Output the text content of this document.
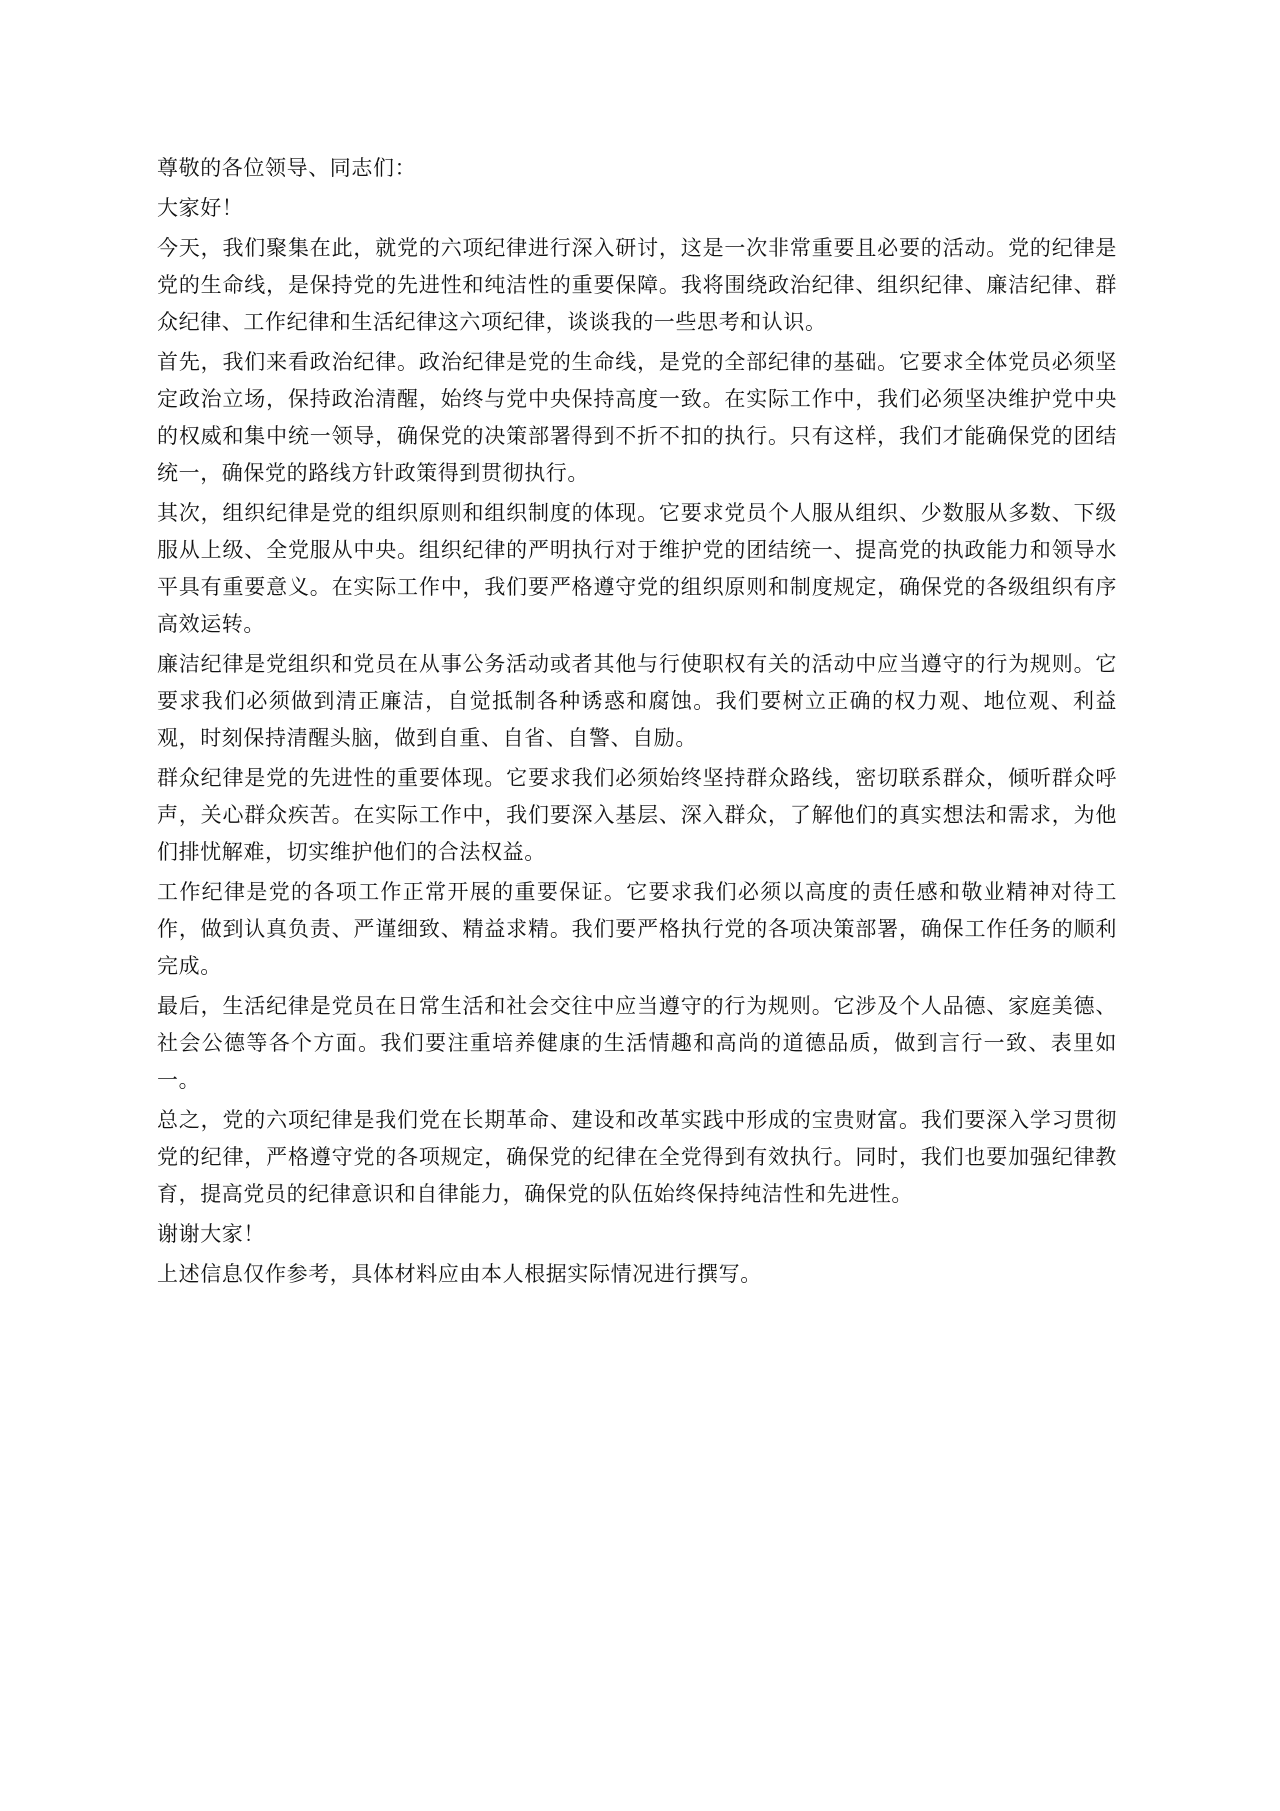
尊敬的各位领导、同志们：

大家好！

今天，我们聚集在此，就党的六项纪律进行深入研讨，这是一次非常重要且必要的活动。党的纪律是党的生命线，是保持党的先进性和纯洁性的重要保障。我将围绕政治纪律、组织纪律、廉洁纪律、群众纪律、工作纪律和生活纪律这六项纪律，谈谈我的一些思考和认识。

首先，我们来看政治纪律。政治纪律是党的生命线，是党的全部纪律的基础。它要求全体党员必须坚定政治立场，保持政治清醒，始终与党中央保持高度一致。在实际工作中，我们必须坚决维护党中央的权威和集中统一领导，确保党的决策部署得到不折不扣的执行。只有这样，我们才能确保党的团结统一，确保党的路线方针政策得到贯彻执行。

其次，组织纪律是党的组织原则和组织制度的体现。它要求党员个人服从组织、少数服从多数、下级服从上级、全党服从中央。组织纪律的严明执行对于维护党的团结统一、提高党的执政能力和领导水平具有重要意义。在实际工作中，我们要严格遵守党的组织原则和制度规定，确保党的各级组织有序高效运转。

廉洁纪律是党组织和党员在从事公务活动或者其他与行使职权有关的活动中应当遵守的行为规则。它要求我们必须做到清正廉洁，自觉抵制各种诱惑和腐蚀。我们要树立正确的权力观、地位观、利益观，时刻保持清醒头脑，做到自重、自省、自警、自励。

群众纪律是党的先进性的重要体现。它要求我们必须始终坚持群众路线，密切联系群众，倾听群众呼声，关心群众疾苦。在实际工作中，我们要深入基层、深入群众，了解他们的真实想法和需求，为他们排忧解难，切实维护他们的合法权益。

工作纪律是党的各项工作正常开展的重要保证。它要求我们必须以高度的责任感和敬业精神对待工作，做到认真负责、严谨细致、精益求精。我们要严格执行党的各项决策部署，确保工作任务的顺利完成。

最后，生活纪律是党员在日常生活和社会交往中应当遵守的行为规则。它涉及个人品德、家庭美德、社会公德等各个方面。我们要注重培养健康的生活情趣和高尚的道德品质，做到言行一致、表里如一。

总之，党的六项纪律是我们党在长期革命、建设和改革实践中形成的宝贵财富。我们要深入学习贯彻党的纪律，严格遵守党的各项规定，确保党的纪律在全党得到有效执行。同时，我们也要加强纪律教育，提高党员的纪律意识和自律能力，确保党的队伍始终保持纯洁性和先进性。

谢谢大家！

上述信息仅作参考，具体材料应由本人根据实际情况进行撰写。
